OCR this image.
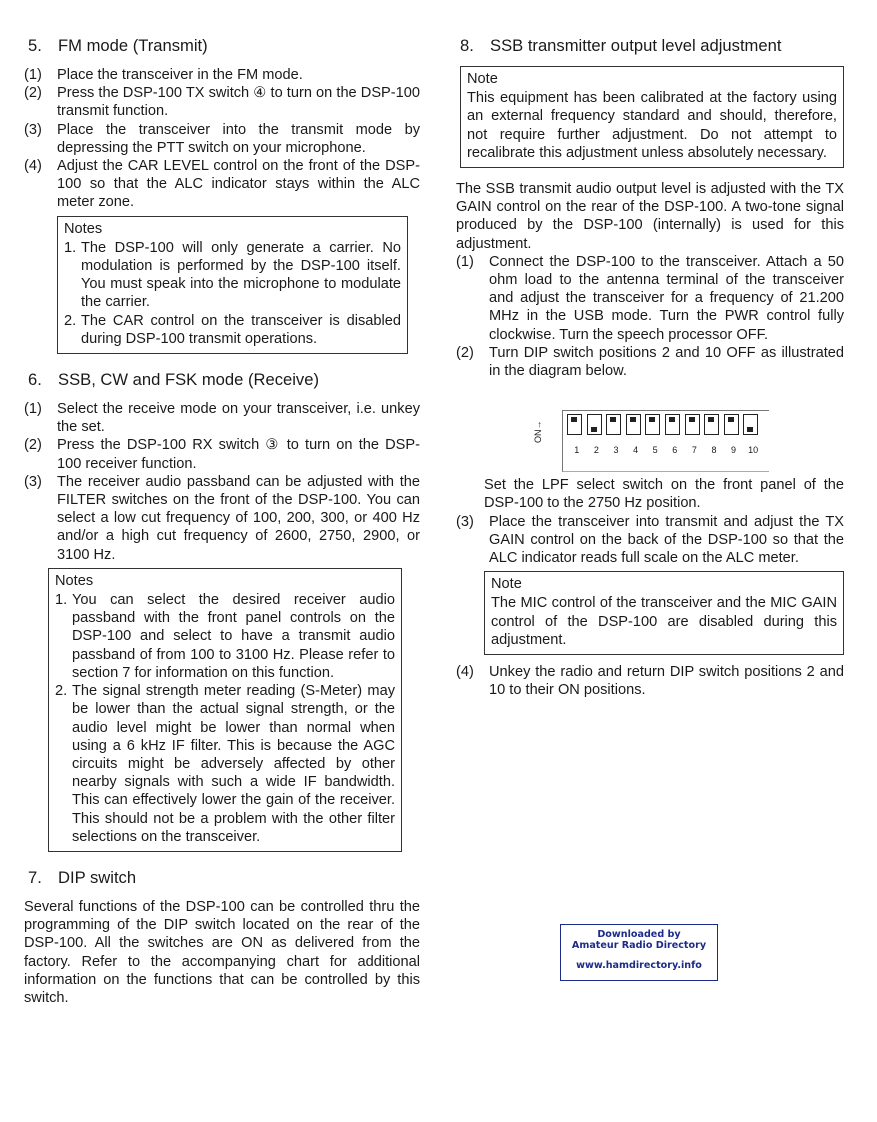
5. FM mode (Transmit)
(1) Place the transceiver in the FM mode.
(2) Press the DSP-100 TX switch ④ to turn on the DSP-100 transmit function.
(3) Place the transceiver into the transmit mode by depressing the PTT switch on your microphone.
(4) Adjust the CAR LEVEL control on the front of the DSP-100 so that the ALC indicator stays within the ALC meter zone.
Notes
1. The DSP-100 will only generate a carrier. No modulation is performed by the DSP-100 itself. You must speak into the microphone to modulate the carrier.
2. The CAR control on the transceiver is disabled during DSP-100 transmit operations.
6. SSB, CW and FSK mode (Receive)
(1) Select the receive mode on your transceiver, i.e. unkey the set.
(2) Press the DSP-100 RX switch ③ to turn on the DSP-100 receiver function.
(3) The receiver audio passband can be adjusted with the FILTER switches on the front of the DSP-100. You can select a low cut frequency of 100, 200, 300, or 400 Hz and/or a high cut frequency of 2600, 2750, 2900, or 3100 Hz.
Notes
1. You can select the desired receiver audio passband with the front panel controls on the DSP-100 and select to have a transmit audio passband of from 100 to 3100 Hz. Please refer to section 7 for information on this function.
2. The signal strength meter reading (S-Meter) may be lower than the actual signal strength, or the audio level might be lower than normal when using a 6 kHz IF filter. This is because the AGC circuits might be adversely affected by other nearby signals with such a wide IF bandwidth. This can effectively lower the gain of the receiver. This should not be a problem with the other filter selections on the transceiver.
7. DIP switch

Several functions of the DSP-100 can be controlled thru the programming of the DIP switch located on the rear of the DSP-100. All the switches are ON as delivered from the factory. Refer to the accompanying chart for additional information on the functions that can be controlled by this switch.

8. SSB transmitter output level adjustment
Note

This equipment has been calibrated at the factory using an external frequency standard and should, therefore, not require further adjustment. Do not attempt to recalibrate this adjustment unless absolutely necessary.

The SSB transmit audio output level is adjusted with the TX GAIN control on the rear of the DSP-100. A two-tone signal produced by the DSP-100 (internally) is used for this adjustment.

(1) Connect the DSP-100 to the transceiver. Attach a 50 ohm load to the antenna terminal of the transceiver and adjust the transceiver for a frequency of 21.200 MHz in the USB mode. Turn the PWR control fully clockwise. Turn the speech processor OFF.
(2) Turn DIP switch positions 2 and 10 OFF as illustrated in the diagram below.
ON→
1	2	3	4	5	6	7	8	9	10

Set the LPF select switch on the front panel of the DSP-100 to the 2750 Hz position.

(3) Place the transceiver into transmit and adjust the TX GAIN control on the back of the DSP-100 so that the ALC indicator reads full scale on the ALC meter.
Note

The MIC control of the transceiver and the MIC GAIN control of the DSP-100 are disabled during this adjustment.

(4) Unkey the radio and return DIP switch positions 2 and 10 to their ON positions.
Downloaded by
Amateur Radio Directory
www.hamdirectory.info
